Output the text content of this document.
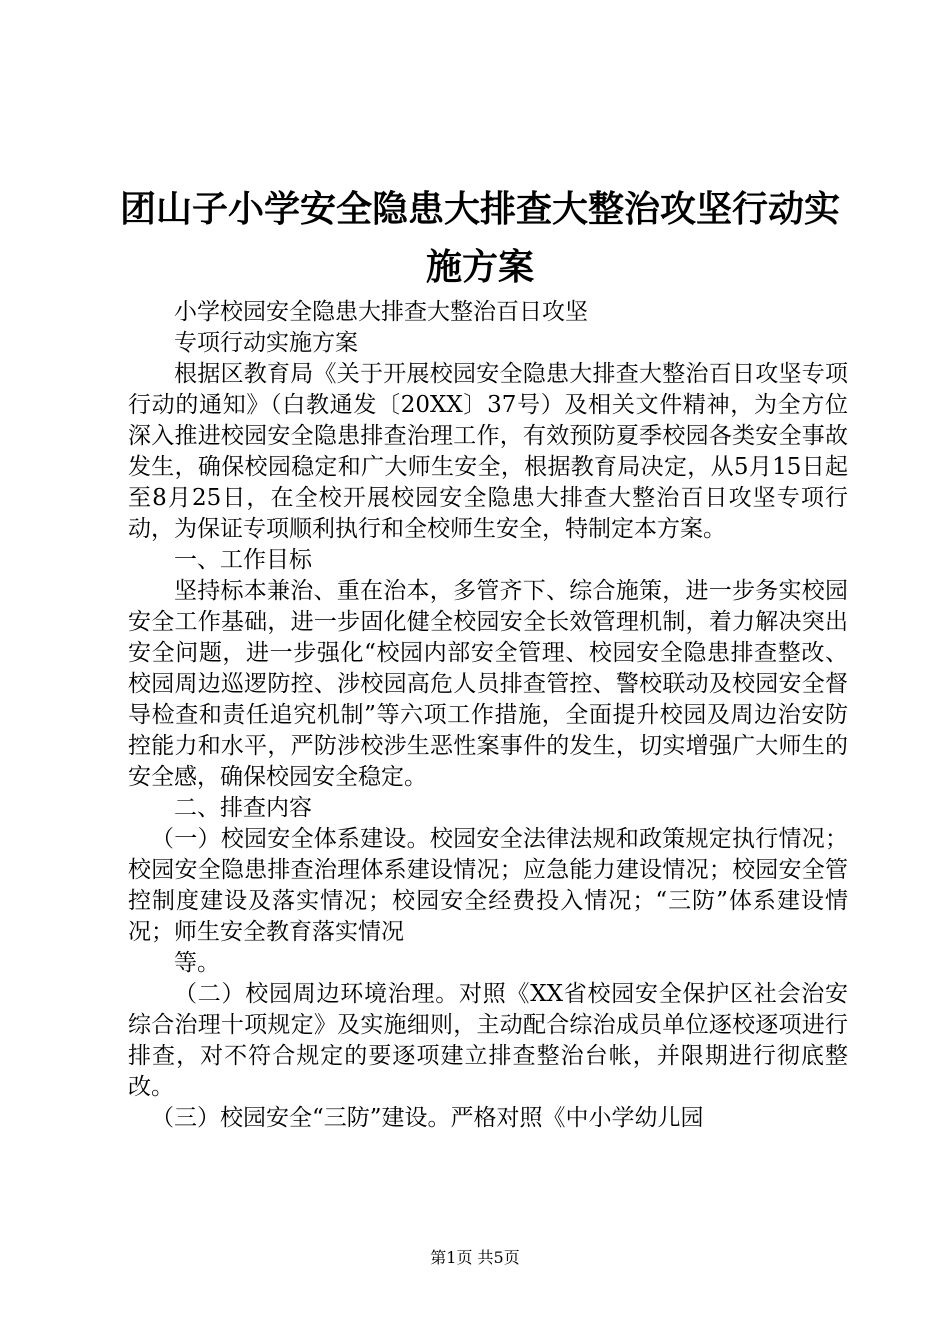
团山子小学安全隐患大排查大整治攻坚行动实
施方案

小学校园安全隐患大排查大整治百日攻坚

专项行动实施方案

根据区教育局《关于开展校园安全隐患大排查大整治百日攻坚专项行动的通知》（白教通发〔20XX〕37号）及相关文件精神，为全方位深入推进校园安全隐患排查治理工作，有效预防夏季校园各类安全事故发生，确保校园稳定和广大师生安全，根据教育局决定，从5月15日起至8月25日，在全校开展校园安全隐患大排查大整治百日攻坚专项行动，为保证专项顺利执行和全校师生安全，特制定本方案。

一、工作目标

坚持标本兼治、重在治本，多管齐下、综合施策，进一步务实校园安全工作基础，进一步固化健全校园安全长效管理机制，着力解决突出安全问题，进一步强化“校园内部安全管理、校园安全隐患排查整改、校园周边巡逻防控、涉校园高危人员排查管控、警校联动及校园安全督导检查和责任追究机制”等六项工作措施，全面提升校园及周边治安防控能力和水平，严防涉校涉生恶性案事件的发生，切实增强广大师生的安全感，确保校园安全稳定。

二、排查内容

（一）校园安全体系建设。校园安全法律法规和政策规定执行情况；校园安全隐患排查治理体系建设情况；应急能力建设情况；校园安全管控制度建设及落实情况；校园安全经费投入情况；“三防”体系建设情况；师生安全教育落实情况

等。

（二）校园周边环境治理。对照《XX省校园安全保护区社会治安综合治理十项规定》及实施细则，主动配合综治成员单位逐校逐项进行排查，对不符合规定的要逐项建立排查整治台帐，并限期进行彻底整改。

（三）校园安全“三防”建设。严格对照《中小学幼儿园

第1页 共5页
